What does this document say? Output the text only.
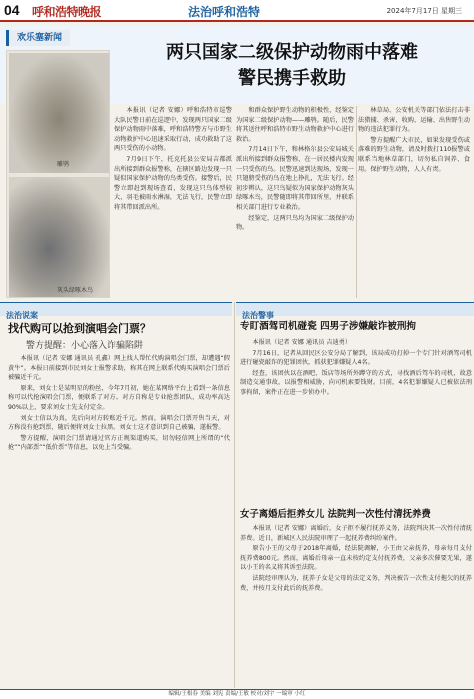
04 呼和浩特晚报	法治呼和浩特	2024年7月17日 星期三
欢乐塞新闻
两只国家二级保护动物雨中落难
警民携手救助
雕鸮
灰头绿啄木鸟

本报讯（记者 安娜）呼和浩特市巡警大队民警日前在巡逻中，发现两只国家二级保护动物雨中落难，呼和浩特警方与市野生动物救护中心迅速采取行动，成功救助了这两只受伤的小动物。

7月9日下午，托克托县公安局吉都派出所接到群众报警称，在辖区路边发现一只疑似国家保护动物的鸟类受伤。接警后，民警立即赶到现场查看，发现这只鸟体型较大，羽毛被雨水淋湿，无法飞行，民警立即将其带回派出所。

和群众保护野生动物的积极性，经鉴定为国家二级保护动物——雕鸮。随后，民警将其送往呼和浩特市野生动物救护中心进行救治。

7月14日下午，和林格尔县公安局城关派出所接到群众报警称，在一居民楼内发现一只受伤的鸟。民警迅速到达现场，发现一只翅膀受伤的鸟在地上挣扎，无法飞行。经初步辨认，这只鸟疑似为国家保护动物灰头绿啄木鸟，民警随即将其带回所里，并联系相关部门进行专业救治。

经鉴定，这两只鸟均为国家二级保护动物。

林草局、公安机关等部门依法打击非法猎捕、杀害、收购、运输、出售野生动物的违法犯罪行为。

警方提醒广大市民，如果发现受伤或落难的野生动物，请及时拨打110报警或联系当地林草部门，切勿私自饲养、食用。保护野生动物，人人有责。

法治说案	法治警事
找代购可以抢到演唱会门票？
警方提醒：小心落入诈骗陷阱

本报讯（记者 安娜 通讯员 孔鑫）网上找人帮忙代购演唱会门票，却遭遇“假黄牛”。本报日前接到市民刘女士报警求助，称其在网上联系代购买演唱会门票后被骗近千元。

原来，刘女士是某明星的粉丝，今年7月初，她在某网络平台上看到一条信息称可以代抢演唱会门票，便联系了对方。对方自称是专业抢票团队，成功率高达90%以上，要求刘女士先支付定金。

刘女士信以为真，先后向对方转账近千元。然而，演唱会门票开售当天，对方称没有抢到票，随后便将刘女士拉黑。刘女士这才意识到自己被骗，遂报警。

警方提醒，演唱会门票请通过官方正规渠道购买，切勿轻信网上所谓的“代抢”“内部票”“低价票”等信息，以免上当受骗。

专盯酒驾司机碰瓷 四男子涉嫌敲诈被刑拘

本报讯（记者 安娜 通讯员 吉迪勇）

7月16日，记者从回民区公安分局了解到，该局成功打掉一个专门针对酒驾司机进行碰瓷敲诈的犯罪团伙，抓获犯罪嫌疑人4名。

经查，该团伙以在酒吧、饭店等场所外蹲守的方式，寻找酒后驾车的司机，故意制造交通事故，以报警相威胁，向司机索要钱财。目前，4名犯罪嫌疑人已被依法刑事拘留，案件正在进一步侦办中。

女子离婚后拒养女儿 法院判一次性付清抚养费

本报讯（记者 安娜）离婚后，女子拒不履行抚养义务，法院判决其一次性付清抚养费。近日，新城区人民法院审理了一起抚养费纠纷案件。

原告小王的父母于2018年离婚，经法院调解，小王由父亲抚养，母亲每月支付抚养费800元。然而，离婚后母亲一直未按约定支付抚养费，父亲多次催要无果，遂以小王的名义将其诉至法院。

法院经审理认为，抚养子女是父母的法定义务，判决被告一次性支付拖欠的抚养费，并按月支付此后的抚养费。

编辑/王根春 美编 刘宪 责编/王敏 校对/刘宇 一编审 小红
